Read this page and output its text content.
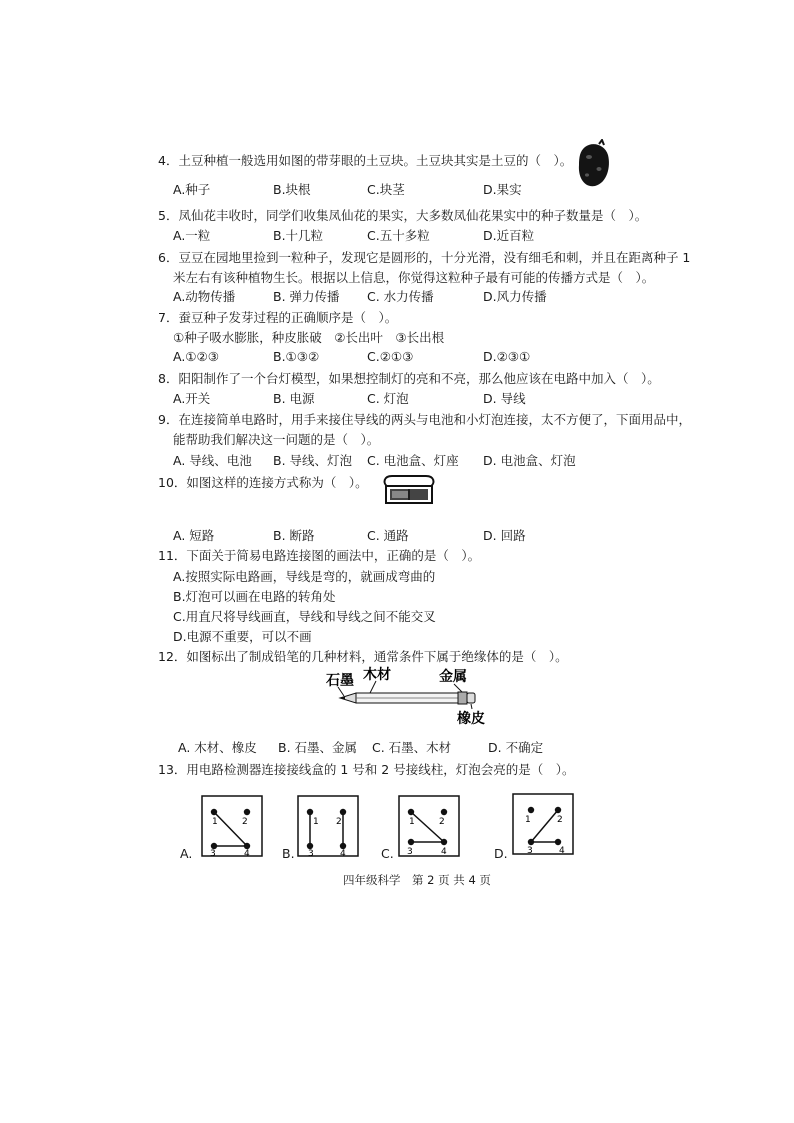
4．土豆种植一般选用如图的带芽眼的土豆块。土豆块其实是土豆的（　）。
A.种子	B.块根	C.块茎	D.果实
5．凤仙花丰收时，同学们收集凤仙花的果实，大多数凤仙花果实中的种子数量是（　）。
A.一粒	B.十几粒	C.五十多粒	D.近百粒
6．豆豆在园地里捡到一粒种子，发现它是圆形的，十分光滑，没有细毛和刺，并且在距离种子 1
米左右有该种植物生长。根据以上信息，你觉得这粒种子最有可能的传播方式是（　）。
A.动物传播	B. 弹力传播 C. 水力传播	D.风力传播
7．蚕豆种子发芽过程的正确顺序是（　）。
①种子吸水膨胀，种皮胀破　②长出叶　③长出根
A.①②③	B.①③②	C.②①③	D.②③①
8．阳阳制作了一个台灯模型，如果想控制灯的亮和不亮，那么他应该在电路中加入（　）。
A.开关	B. 电源	C. 灯泡	D. 导线
9．在连接简单电路时，用手来接住导线的两头与电池和小灯泡连接，太不方便了，下面用品中，
能帮助我们解决这一问题的是（　）。
A. 导线、电池 B. 导线、灯泡 C. 电池盒、灯座 D. 电池盒、灯泡
10．如图这样的连接方式称为（　）。
A. 短路	B. 断路	C. 通路	D. 回路
11．下面关于简易电路连接图的画法中，正确的是（　）。
A.按照实际电路画，导线是弯的，就画成弯曲的
B.灯泡可以画在电路的转角处
C.用直尺将导线画直，导线和导线之间不能交叉
D.电源不重要，可以不画
12．如图标出了制成铅笔的几种材料，通常条件下属于绝缘体的是（　）。
石墨 木材	金属
橡皮
A. 木材、橡皮 B. 石墨、金属 C. 石墨、木材	D. 不确定
13．用电路检测器连接接线盒的 1 号和 2 号接线柱，灯泡会亮的是（　）。
A.
1	2
3	4	B.
1 2
3	4	C.
1	2
3	4	D.
1	2
3	4
四年级科学　第 2 页 共 4 页
